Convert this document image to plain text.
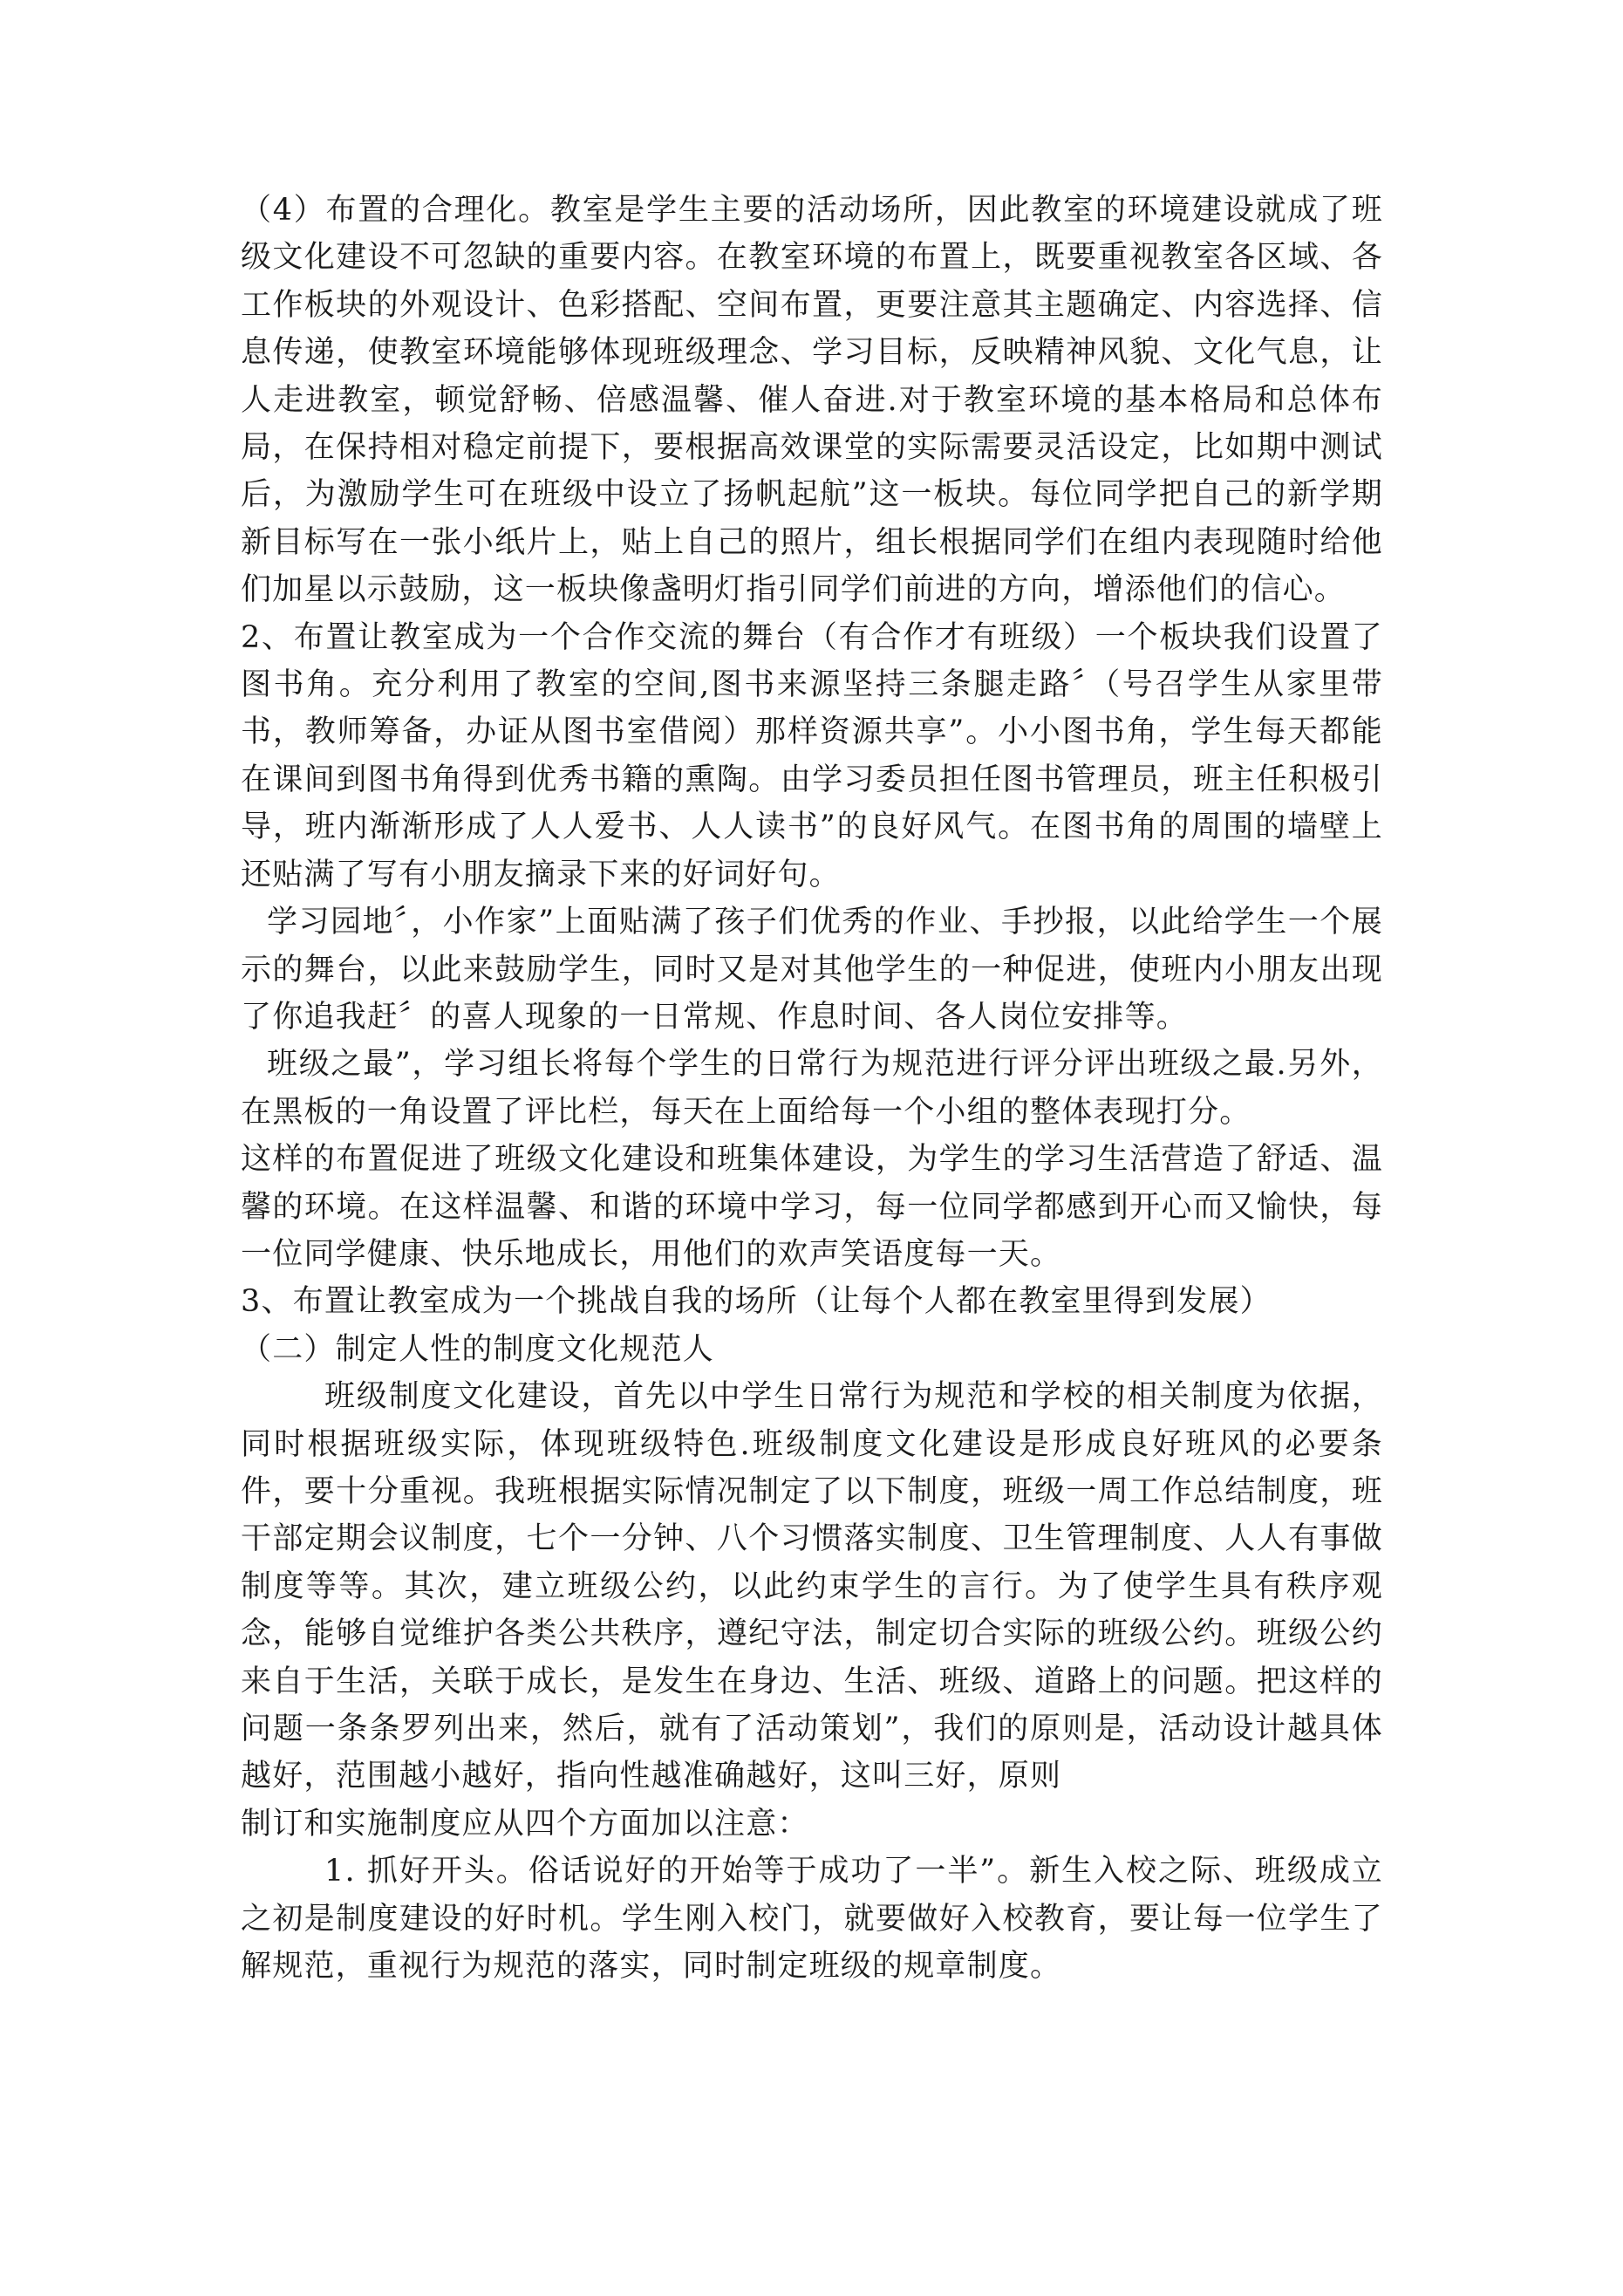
（4）布置的合理化。教室是学生主要的活动场所，因此教室的环境建设就成了班级文化建设不可忽缺的重要内容。在教室环境的布置上，既要重视教室各区域、各工作板块的外观设计、色彩搭配、空间布置，更要注意其主题确定、内容选择、信息传递，使教室环境能够体现班级理念、学习目标，反映精神风貌、文化气息，让人走进教室，顿觉舒畅、倍感温馨、催人奋进.对于教室环境的基本格局和总体布局，在保持相对稳定前提下，要根据高效课堂的实际需要灵活设定，比如期中测试后，为激励学生可在班级中设立了扬帆起航”这一板块。每位同学把自己的新学期新目标写在一张小纸片上，贴上自己的照片，组长根据同学们在组内表现随时给他们加星以示鼓励，这一板块像盏明灯指引同学们前进的方向，增添他们的信心。

2、布置让教室成为一个合作交流的舞台（有合作才有班级）一个板块我们设置了图书角。充分利用了教室的空间,图书来源坚持三条腿走路〞（号召学生从家里带书，教师筹备，办证从图书室借阅）那样资源共享”。小小图书角，学生每天都能在课间到图书角得到优秀书籍的熏陶。由学习委员担任图书管理员，班主任积极引导，班内渐渐形成了人人爱书、人人读书”的良好风气。在图书角的周围的墙壁上还贴满了写有小朋友摘录下来的好词好句。

学习园地〞，小作家”上面贴满了孩子们优秀的作业、手抄报，以此给学生一个展示的舞台，以此来鼓励学生，同时又是对其他学生的一种促进，使班内小朋友出现了你追我赶〞的喜人现象的一日常规、作息时间、各人岗位安排等。

班级之最”，学习组长将每个学生的日常行为规范进行评分评出班级之最.另外，在黑板的一角设置了评比栏，每天在上面给每一个小组的整体表现打分。

这样的布置促进了班级文化建设和班集体建设，为学生的学习生活营造了舒适、温馨的环境。在这样温馨、和谐的环境中学习，每一位同学都感到开心而又愉快，每一位同学健康、快乐地成长，用他们的欢声笑语度每一天。

3、布置让教室成为一个挑战自我的场所（让每个人都在教室里得到发展）

（二）制定人性的制度文化规范人

班级制度文化建设，首先以中学生日常行为规范和学校的相关制度为依据，同时根据班级实际，体现班级特色.班级制度文化建设是形成良好班风的必要条件，要十分重视。我班根据实际情况制定了以下制度，班级一周工作总结制度，班干部定期会议制度，七个一分钟、八个习惯落实制度、卫生管理制度、人人有事做制度等等。其次，建立班级公约，以此约束学生的言行。为了使学生具有秩序观念，能够自觉维护各类公共秩序，遵纪守法，制定切合实际的班级公约。班级公约来自于生活，关联于成长，是发生在身边、生活、班级、道路上的问题。把这样的问题一条条罗列出来，然后，就有了活动策划”，我们的原则是，活动设计越具体越好，范围越小越好，指向性越准确越好，这叫三好，原则

制订和实施制度应从四个方面加以注意：

1. 抓好开头。俗话说好的开始等于成功了一半”。新生入校之际、班级成立之初是制度建设的好时机。学生刚入校门，就要做好入校教育，要让每一位学生了解规范，重视行为规范的落实，同时制定班级的规章制度。
